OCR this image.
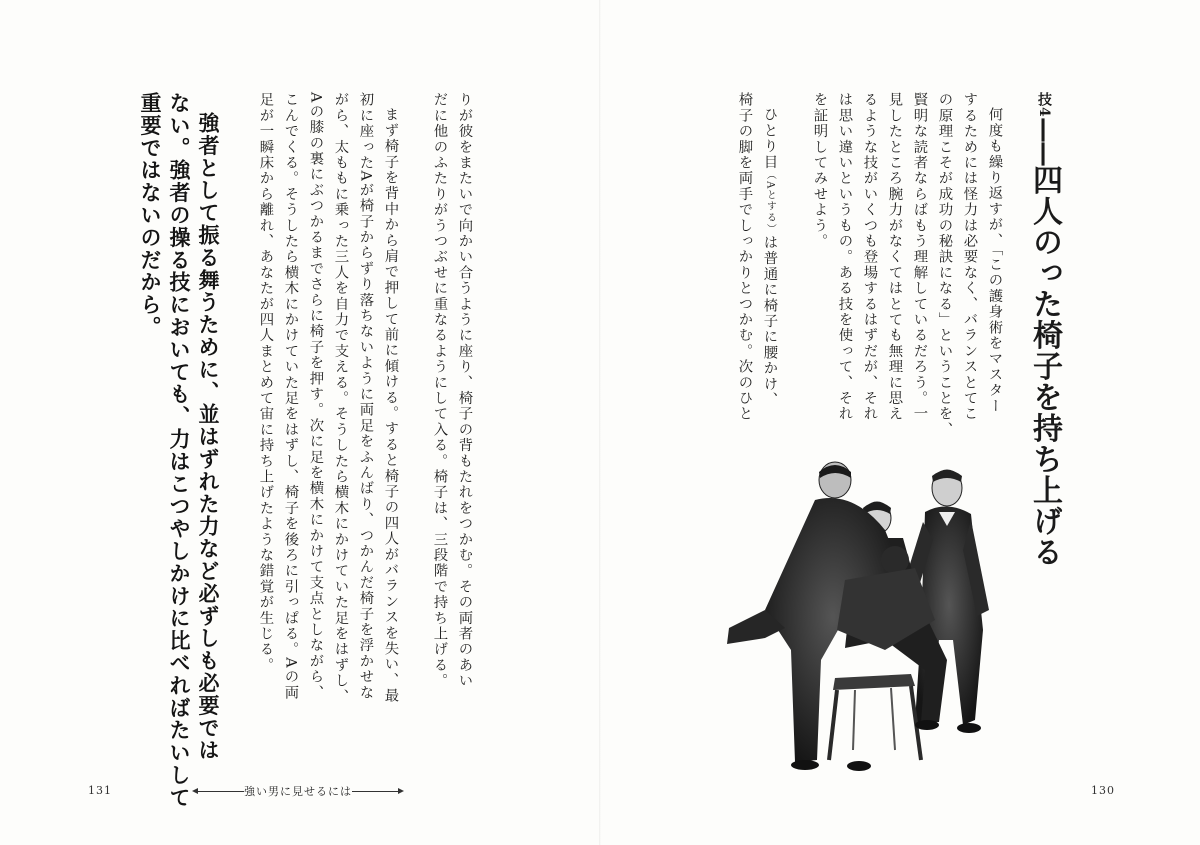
技4——四人のった椅子を持ち上げる
何度も繰り返すが、「この護身術をマスター
するためには怪力は必要なく、バランスとてこ
の原理こそが成功の秘訣になる」ということを、
賢明な読者ならばもう理解しているだろう。一
見したところ腕力がなくてはとても無理に思え
るような技がいくつも登場するはずだが、それ
は思い違いというもの。ある技を使って、それ
を証明してみせよう。
ひとり目（Aとする）は普通に椅子に腰かけ、
椅子の脚を両手でしっかりとつかむ。次のひと
130
りが彼をまたいで向かい合うように座り、椅子の背もたれをつかむ。その両者のあい
だに他のふたりがうつぶせに重なるようにして入る。椅子は、三段階で持ち上げる。
まず椅子を背中から肩で押して前に傾ける。すると椅子の四人がバランスを失い、最
初に座ったAが椅子からずり落ちないように両足をふんばり、つかんだ椅子を浮かせな
がら、太ももに乗った三人を自力で支える。そうしたら横木にかけていた足をはずし、
Aの膝の裏にぶつかるまでさらに椅子を押す。次に足を横木にかけて支点としながら、
こんでくる。そうしたら横木にかけていた足をはずし、椅子を後ろに引っぱる。Aの両
足が一瞬床から離れ、あなたが四人まとめて宙に持ち上げたような錯覚が生じる。
強者として振る舞うために、並はずれた力など必ずしも必要では
ない。強者の操る技においても、力はこつやしかけに比べればたいして
重要ではないのだから。
131	強い男に見せるには
